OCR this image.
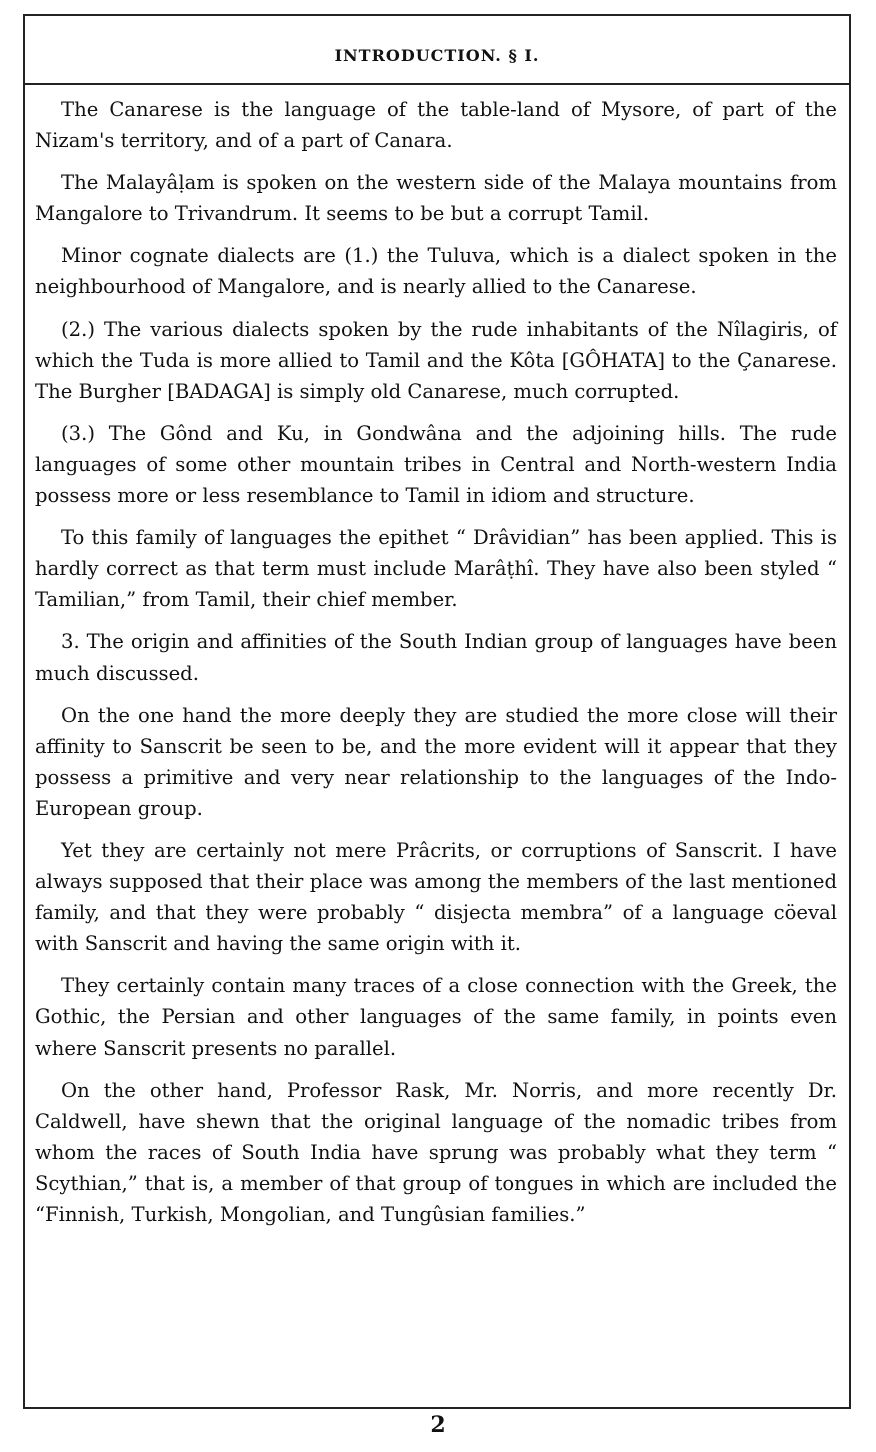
INTRODUCTION. § I.

The Canarese is the language of the table-land of Mysore, of part of the Nizam's territory, and of a part of Canara.

The Malayâḷam is spoken on the western side of the Malaya mountains from Mangalore to Trivandrum. It seems to be but a corrupt Tamil.

Minor cognate dialects are (1.) the Tuluva, which is a dialect spoken in the neighbourhood of Mangalore, and is nearly allied to the Canarese.

(2.) The various dialects spoken by the rude inhabitants of the Nîlagiris, of which the Tuda is more allied to Tamil and the Kôta [GÔHATA] to the Çanarese. The Burgher [BADAGA] is simply old Canarese, much corrupted.

(3.) The Gônd and Ku, in Gondwâna and the adjoining hills. The rude languages of some other mountain tribes in Central and North-western India possess more or less resemblance to Tamil in idiom and structure.

To this family of languages the epithet “ Drâvidian” has been applied. This is hardly correct as that term must include Marâṭhî. They have also been styled “ Tamilian,” from Tamil, their chief member.

3. The origin and affinities of the South Indian group of languages have been much discussed.

On the one hand the more deeply they are studied the more close will their affinity to Sanscrit be seen to be, and the more evident will it appear that they possess a primitive and very near relationship to the languages of the Indo-European group.

Yet they are certainly not mere Prâcrits, or corruptions of Sanscrit. I have always supposed that their place was among the members of the last mentioned family, and that they were probably “ disjecta membra” of a language cöeval with Sanscrit and having the same origin with it.

They certainly contain many traces of a close connection with the Greek, the Gothic, the Persian and other languages of the same family, in points even where Sanscrit presents no parallel.

On the other hand, Professor Rask, Mr. Norris, and more recently Dr. Caldwell, have shewn that the original language of the nomadic tribes from whom the races of South India have sprung was probably what they term “ Scythian,” that is, a member of that group of tongues in which are included the “Finnish, Turkish, Mongolian, and Tungûsian families.”

2
